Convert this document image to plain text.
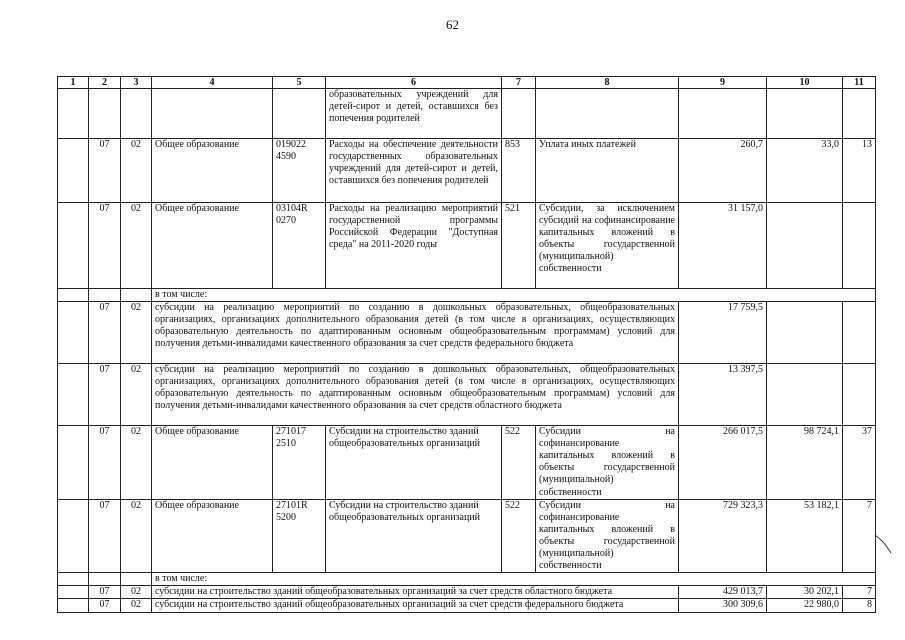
62
1	2	3	4	5	6	7	8	9	10	11
					образовательных учреждений для детей-сирот и детей, оставшихся без попечения родителей					
	07	02	Общее образование	019022 4590	Расходы на обеспечение деятельности государственных образовательных учреждений для детей-сирот и детей, оставшихся без попечения родителей	853	Уплата иных платежей	260,7	33,0	13
	07	02	Общее образование	03104R 0270	Расходы на реализацию мероприятий государственной программы Российской Федерации "Доступная среда" на 2011-2020 годы	521	Субсидии, за исключением субсидий на софинансирование капитальных вложений в объекты государственной (муниципальной) собственности	31 157,0		
			в том числе:							
	07	02	субсидии на реализацию мероприятий по созданию в дошкольных образовательных, общеобразовательных организациях, организациях дополнительного образования детей (в том числе в организациях, осуществляющих образовательную деятельность по адаптированным основным общеобразовательным программам) условий для получения детьми-инвалидами качественного образования за счет средств федерального бюджета					17 759,5		
	07	02	субсидии на реализацию мероприятий по созданию в дошкольных образовательных, общеобразовательных организациях, организациях дополнительного образования детей (в том числе в организациях, осуществляющих образовательную деятельность по адаптированным основным общеобразовательным программам) условий для получения детьми-инвалидами качественного образования за счет средств областного бюджета					13 397,5		
	07	02	Общее образование	271017 2510	Субсидии на строительство зданий общеобразовательных организаций	522	Субсидии на софинансирование капитальных вложений в объекты государственной (муниципальной) собственности	266 017,5	98 724,1	37
	07	02	Общее образование	27101R 5200	Субсидии на строительство зданий общеобразовательных организаций	522	Субсидии на софинансирование капитальных вложений в объекты государственной (муниципальной) собственности	729 323,3	53 182,1	7
			в том числе:							
	07	02	субсидии на строительство зданий общеобразовательных организаций за счет средств областного бюджета					429 013,7	30 202,1	7
	07	02	субсидии на строительство зданий общеобразовательных организаций за счет средств федерального бюджета					300 309,6	22 980,0	8
